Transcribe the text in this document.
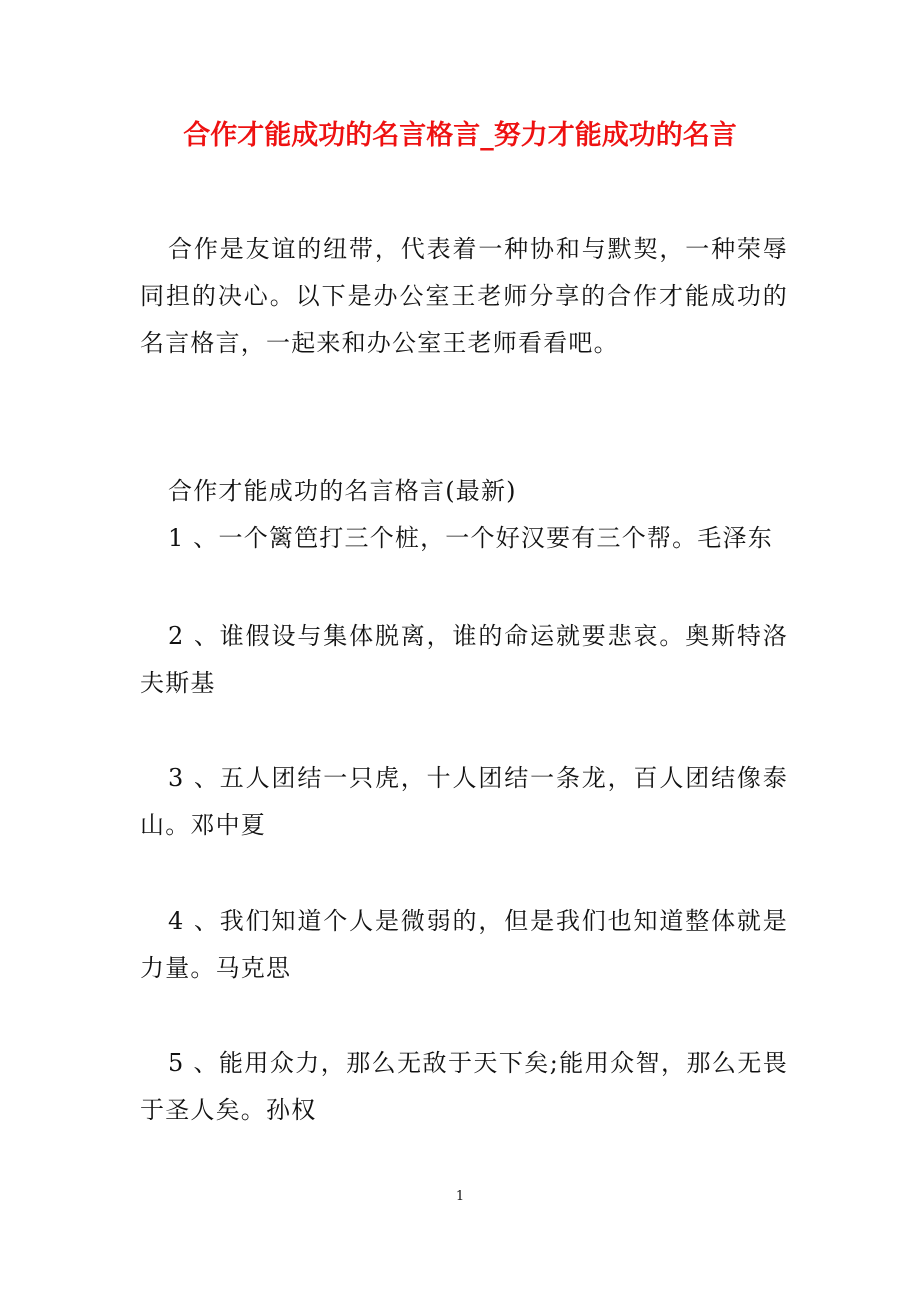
合作才能成功的名言格言_努力才能成功的名言

合作是友谊的纽带，代表着一种协和与默契，一种荣辱同担的决心。以下是办公室王老师分享的合作才能成功的名言格言，一起来和办公室王老师看看吧。

合作才能成功的名言格言(最新)

1 、一个篱笆打三个桩，一个好汉要有三个帮。毛泽东

2 、谁假设与集体脱离，谁的命运就要悲哀。奥斯特洛夫斯基

3 、五人团结一只虎，十人团结一条龙，百人团结像泰山。邓中夏

4 、我们知道个人是微弱的，但是我们也知道整体就是力量。马克思

5 、能用众力，那么无敌于天下矣;能用众智，那么无畏于圣人矣。孙权

1
